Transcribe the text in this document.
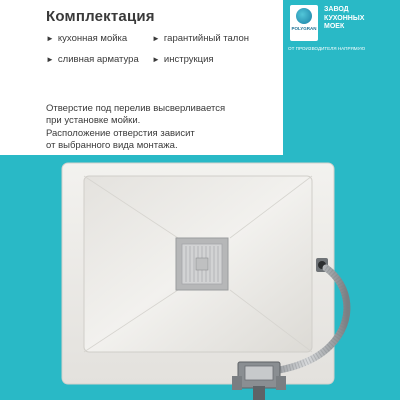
POLYGRAN
ЗАВОД
КУХОННЫХ
МОЕК
ОТ ПРОИЗВОДИТЕЛЯ НАПРЯМУЮ
Комплектация
► кухонная мойка	► гарантийный талон
► сливная арматура ► инструкция
Отверстие под перелив высверливается
при установке мойки.
Расположение отверстия зависит
от выбранного вида монтажа.
